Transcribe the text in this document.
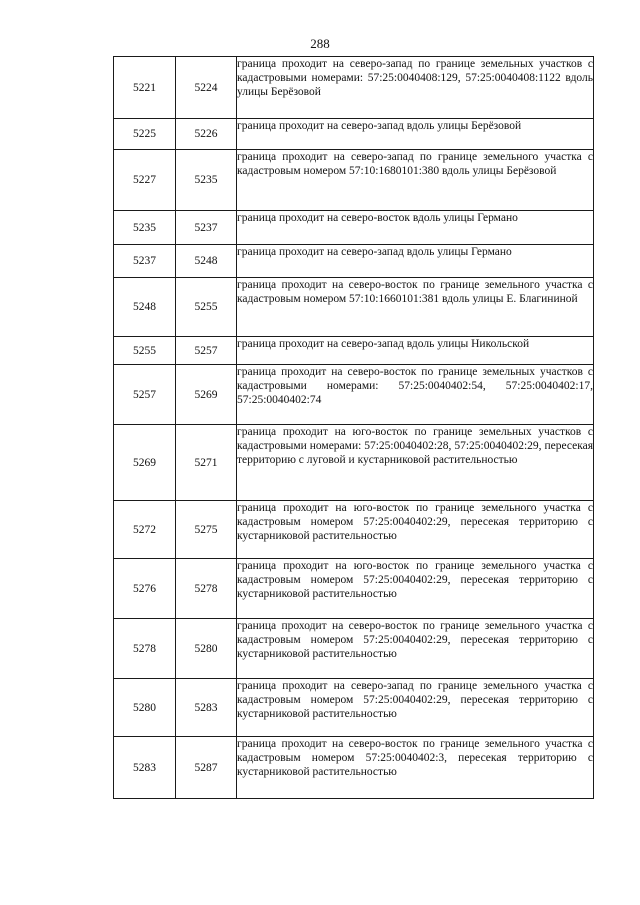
288
5221	5224	граница проходит на северо-запад по границе земельных участков с кадастровыми номерами: 57:25:0040408:129, 57:25:0040408:1122 вдоль улицы Берёзовой
5225	5226	граница проходит на северо-запад вдоль улицы Берёзовой
5227	5235	граница проходит на северо-запад по границе земельного участка с кадастровым номером 57:10:1680101:380 вдоль улицы Берёзовой
5235	5237	граница проходит на северо-восток вдоль улицы Германо
5237	5248	граница проходит на северо-запад вдоль улицы Германо
5248	5255	граница проходит на северо-восток по границе земельного участка с кадастровым номером 57:10:1660101:381 вдоль улицы Е. Благининой
5255	5257	граница проходит на северо-запад вдоль улицы Никольской
5257	5269	граница проходит на северо-восток по границе земельных участков с кадастровыми номерами: 57:25:0040402:54, 57:25:0040402:17, 57:25:0040402:74
5269	5271	граница проходит на юго-восток по границе земельных участков с кадастровыми номерами: 57:25:0040402:28, 57:25:0040402:29, пересекая территорию с луговой и кустарниковой растительностью
5272	5275	граница проходит на юго-восток по границе земельного участка с кадастровым номером 57:25:0040402:29, пересекая территорию с кустарниковой растительностью
5276	5278	граница проходит на юго-восток по границе земельного участка с кадастровым номером 57:25:0040402:29, пересекая территорию с кустарниковой растительностью
5278	5280	граница проходит на северо-восток по границе земельного участка с кадастровым номером 57:25:0040402:29, пересекая территорию с кустарниковой растительностью
5280	5283	граница проходит на северо-запад по границе земельного участка с кадастровым номером 57:25:0040402:29, пересекая территорию с кустарниковой растительностью
5283	5287	граница проходит на северо-восток по границе земельного участка с кадастровым номером 57:25:0040402:3, пересекая территорию с кустарниковой растительностью
